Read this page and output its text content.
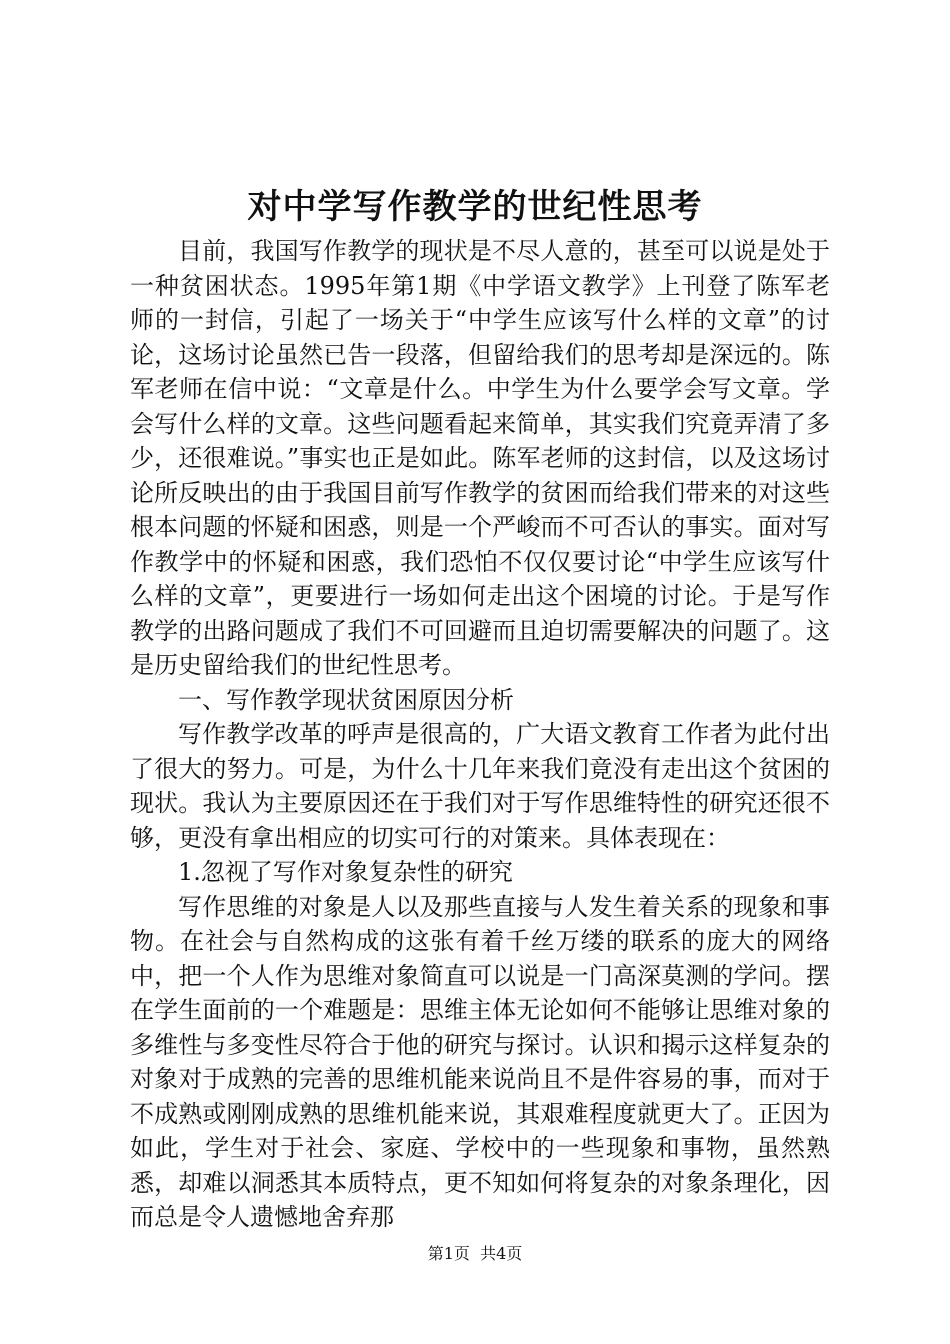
对中学写作教学的世纪性思考

目前，我国写作教学的现状是不尽人意的，甚至可以说是处于一种贫困状态。1995年第1期《中学语文教学》上刊登了陈军老师的一封信，引起了一场关于“中学生应该写什么样的文章”的讨论，这场讨论虽然已告一段落，但留给我们的思考却是深远的。陈军老师在信中说：“文章是什么。中学生为什么要学会写文章。学会写什么样的文章。这些问题看起来简单，其实我们究竟弄清了多少，还很难说。”事实也正是如此。陈军老师的这封信，以及这场讨论所反映出的由于我国目前写作教学的贫困而给我们带来的对这些根本问题的怀疑和困惑，则是一个严峻而不可否认的事实。面对写作教学中的怀疑和困惑，我们恐怕不仅仅要讨论“中学生应该写什么样的文章”，更要进行一场如何走出这个困境的讨论。于是写作教学的出路问题成了我们不可回避而且迫切需要解决的问题了。这是历史留给我们的世纪性思考。

一、写作教学现状贫困原因分析

写作教学改革的呼声是很高的，广大语文教育工作者为此付出了很大的努力。可是，为什么十几年来我们竟没有走出这个贫困的现状。我认为主要原因还在于我们对于写作思维特性的研究还很不够，更没有拿出相应的切实可行的对策来。具体表现在：

1.忽视了写作对象复杂性的研究

写作思维的对象是人以及那些直接与人发生着关系的现象和事物。在社会与自然构成的这张有着千丝万缕的联系的庞大的网络中，把一个人作为思维对象简直可以说是一门高深莫测的学问。摆在学生面前的一个难题是：思维主体无论如何不能够让思维对象的多维性与多变性尽符合于他的研究与探讨。认识和揭示这样复杂的对象对于成熟的完善的思维机能来说尚且不是件容易的事，而对于不成熟或刚刚成熟的思维机能来说，其艰难程度就更大了。正因为如此，学生对于社会、家庭、学校中的一些现象和事物，虽然熟悉，却难以洞悉其本质特点，更不知如何将复杂的对象条理化，因而总是令人遗憾地舍弃那

第1页  共4页
